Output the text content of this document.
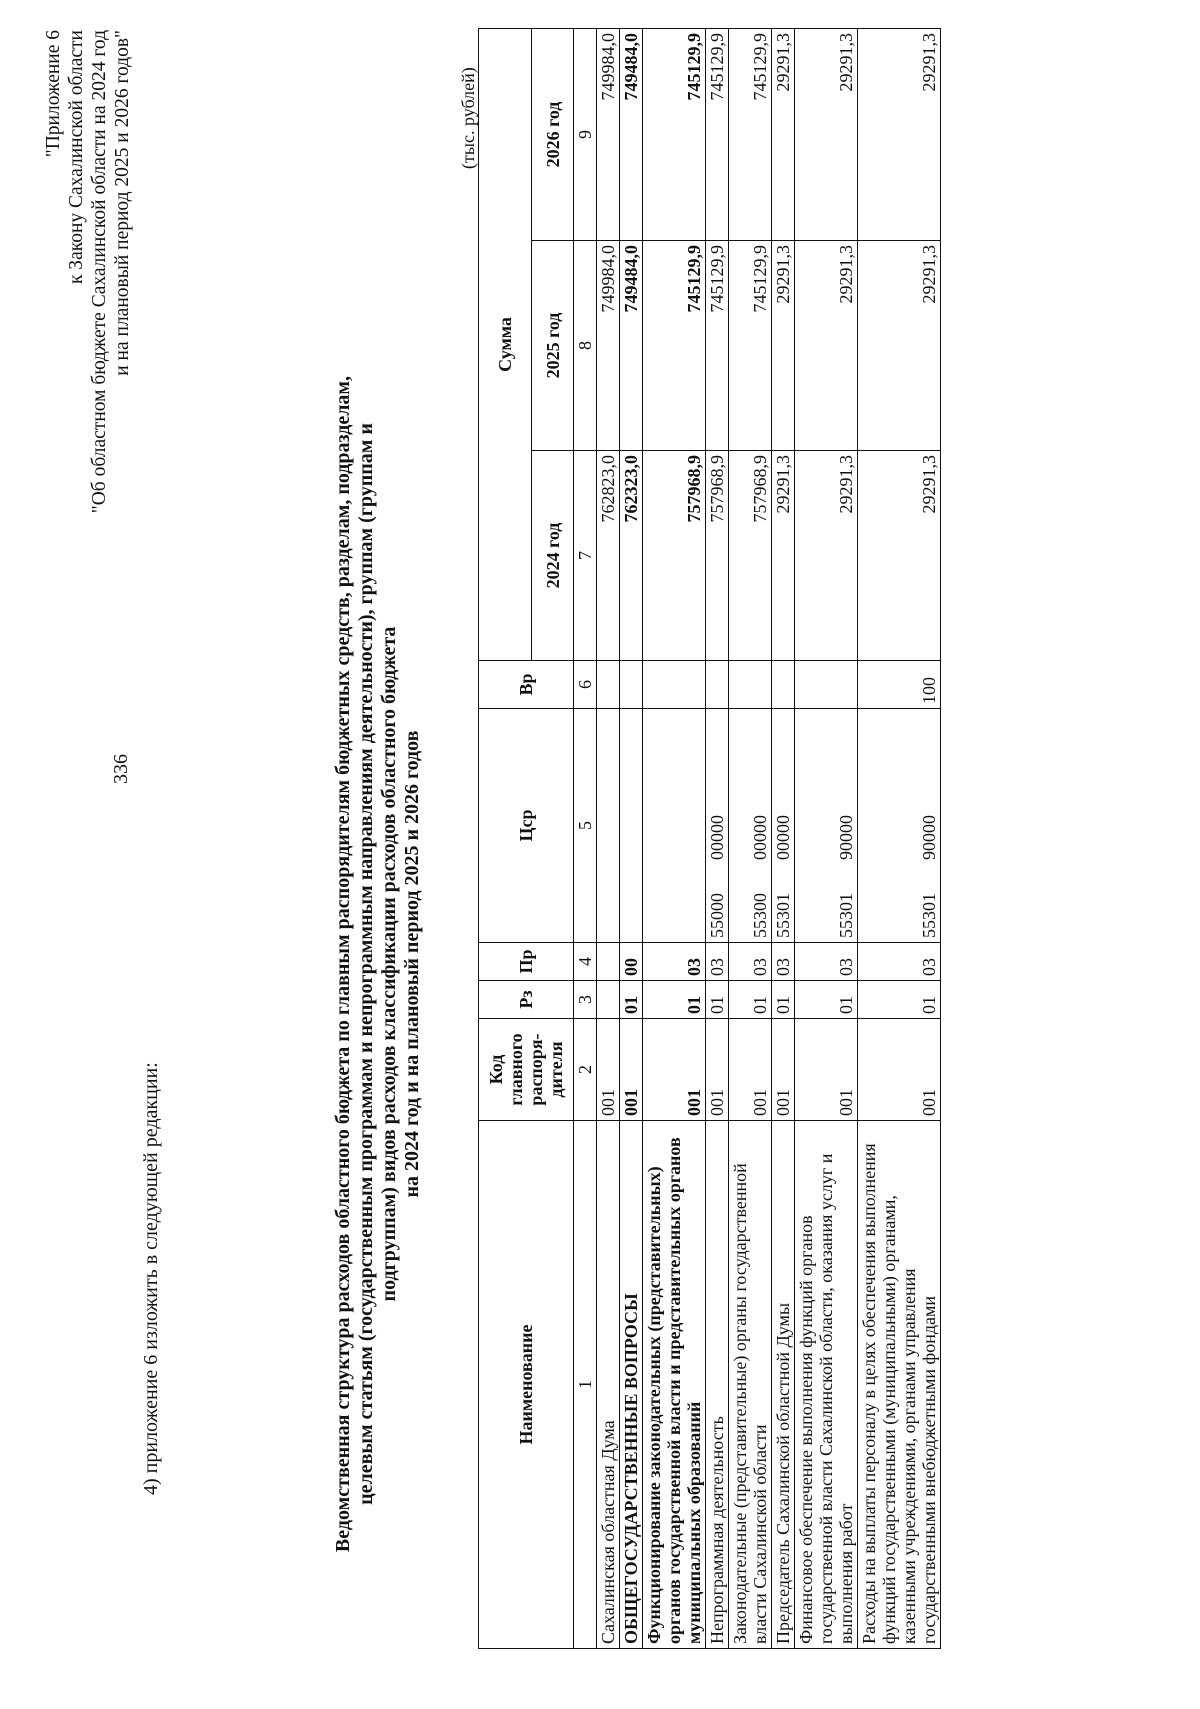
336
4) приложение 6 изложить в следующей редакции:
"Приложение 6 к Закону Сахалинской области "Об областном бюджете Сахалинской области на 2024 год и на плановый период 2025 и 2026 годов"
Ведомственная структура расходов областного бюджета по главным распорядителям бюджетных средств, разделам, подразделам, целевым статьям (государственным программам и непрограммным направлениям деятельности), группам (группам и подгруппам) видов расходов классификации расходов областного бюджета на 2024 год и на плановый период 2025 и 2026 годов
(тыс. рублей)
Наименование	Код главного распоря- дителя	Рз	Пр	Цср	Вр	Сумма		
						2024 год	2025 год	2026 год
1	2	3	4	5	6	7	8	9
Сахалинская областная Дума	001					762823,0	749984,0	749984,0
ОБЩЕГОСУДАРСТВЕННЫЕ ВОПРОСЫ	001	01	00			762323,0	749484,0	749484,0
Функционирование законодательных (представительных) органов государственной власти и представительных органов муниципальных образований	001	01	03			757968,9	745129,9	745129,9
Непрограммная деятельность	001	01	03	5500000000		757968,9	745129,9	745129,9
Законодательные (представительные) органы государственной власти Сахалинской области	001	01	03	5530000000		757968,9	745129,9	745129,9
Председатель Сахалинской областной Думы	001	01	03	5530100000		29291,3	29291,3	29291,3
Финансовое обеспечение выполнения функций органов государственной власти Сахалинской области, оказания услуг и выполнения работ	001	01	03	5530190000		29291,3	29291,3	29291,3
Расходы на выплаты персоналу в целях обеспечения выполнения функций государственными (муниципальными) органами, казенными учреждениями, органами управления государственными внебюджетными фондами	001	01	03	5530190000	100	29291,3	29291,3	29291,3
